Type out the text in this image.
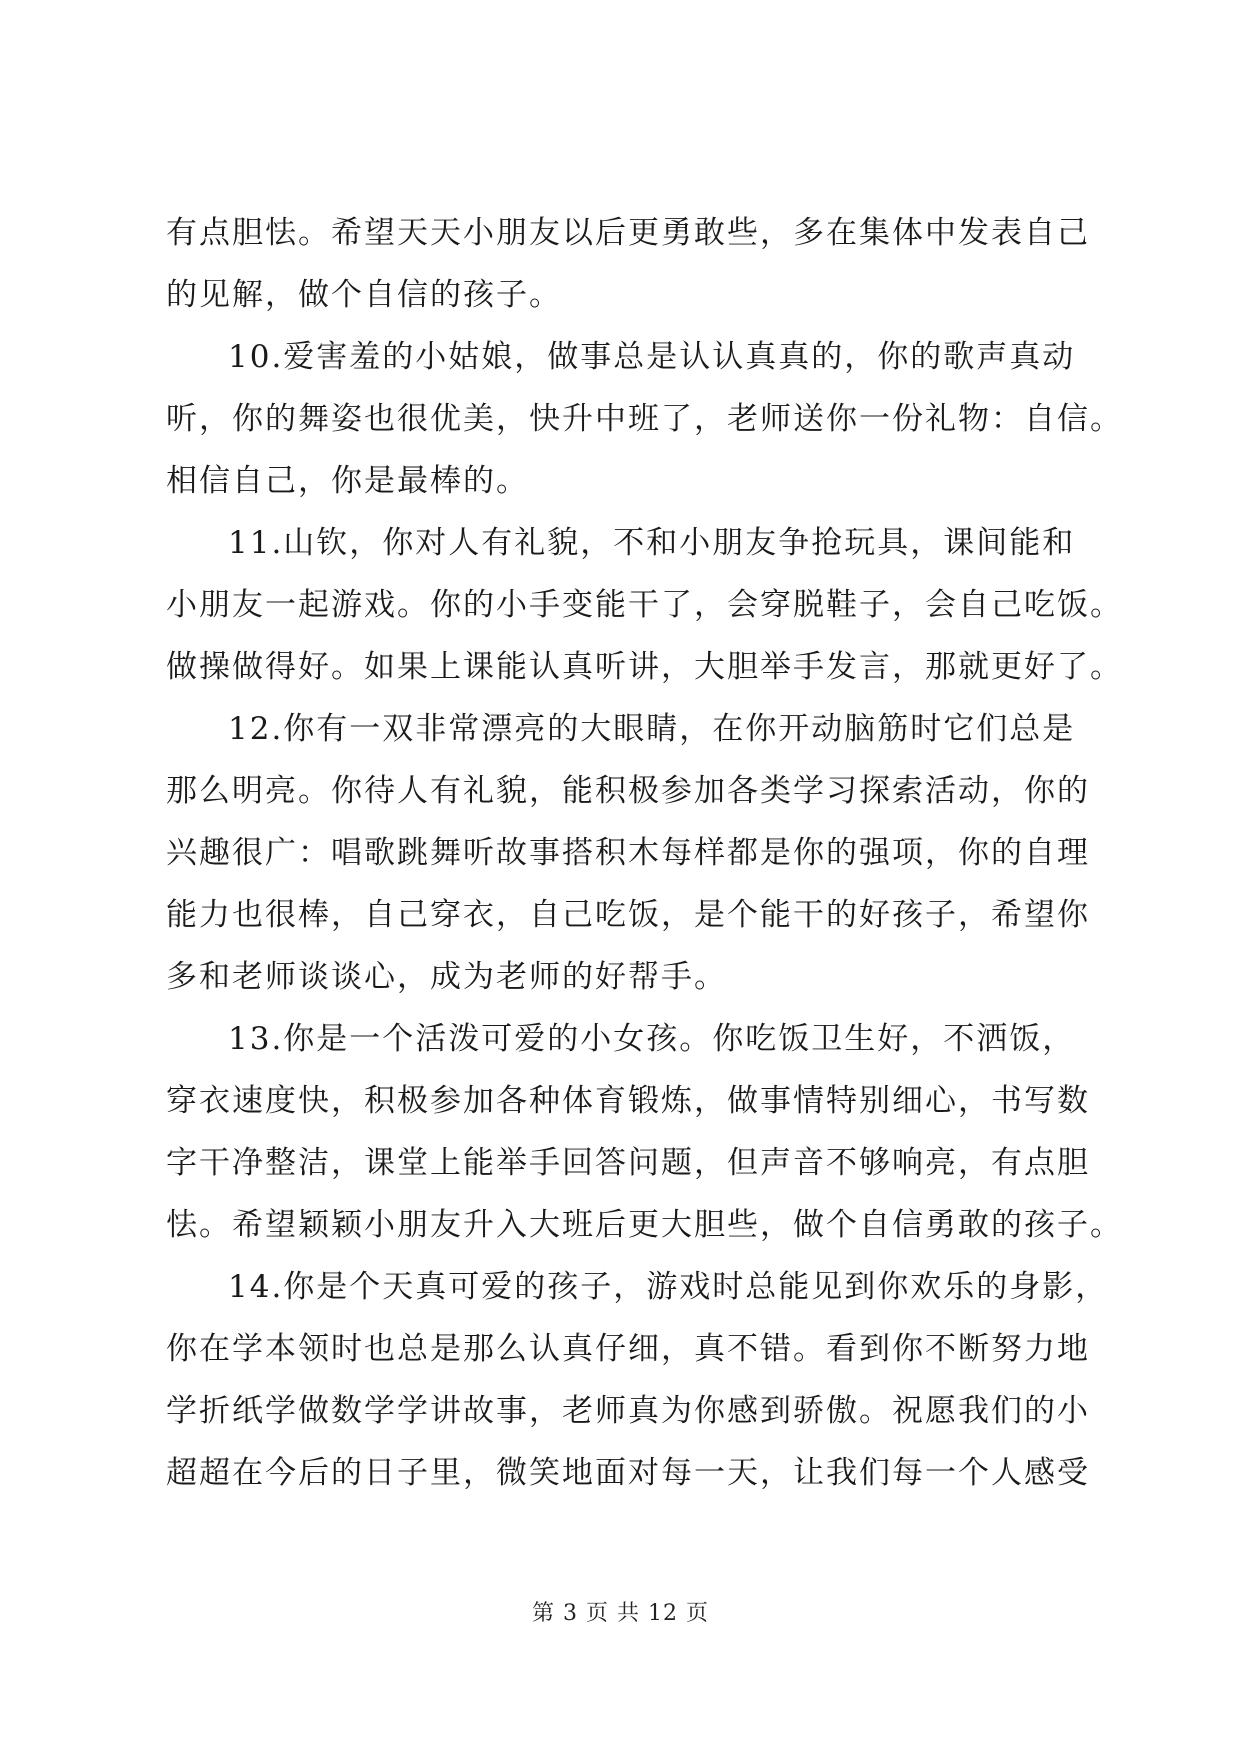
有点胆怯。希望天天小朋友以后更勇敢些，多在集体中发表自己
的见解，做个自信的孩子。
10.爱害羞的小姑娘，做事总是认认真真的，你的歌声真动
听，你的舞姿也很优美，快升中班了，老师送你一份礼物：自信。
相信自己，你是最棒的。
11.山钦，你对人有礼貌，不和小朋友争抢玩具，课间能和
小朋友一起游戏。你的小手变能干了，会穿脱鞋子，会自己吃饭。
做操做得好。如果上课能认真听讲，大胆举手发言，那就更好了。
12.你有一双非常漂亮的大眼睛，在你开动脑筋时它们总是
那么明亮。你待人有礼貌，能积极参加各类学习探索活动，你的
兴趣很广：唱歌跳舞听故事搭积木每样都是你的强项，你的自理
能力也很棒，自己穿衣，自己吃饭，是个能干的好孩子，希望你
多和老师谈谈心，成为老师的好帮手。
13.你是一个活泼可爱的小女孩。你吃饭卫生好，不洒饭，
穿衣速度快，积极参加各种体育锻炼，做事情特别细心，书写数
字干净整洁，课堂上能举手回答问题，但声音不够响亮，有点胆
怯。希望颖颖小朋友升入大班后更大胆些，做个自信勇敢的孩子。
14.你是个天真可爱的孩子，游戏时总能见到你欢乐的身影，
你在学本领时也总是那么认真仔细，真不错。看到你不断努力地
学折纸学做数学学讲故事，老师真为你感到骄傲。祝愿我们的小
超超在今后的日子里，微笑地面对每一天，让我们每一个人感受
第 3 页 共 12 页
